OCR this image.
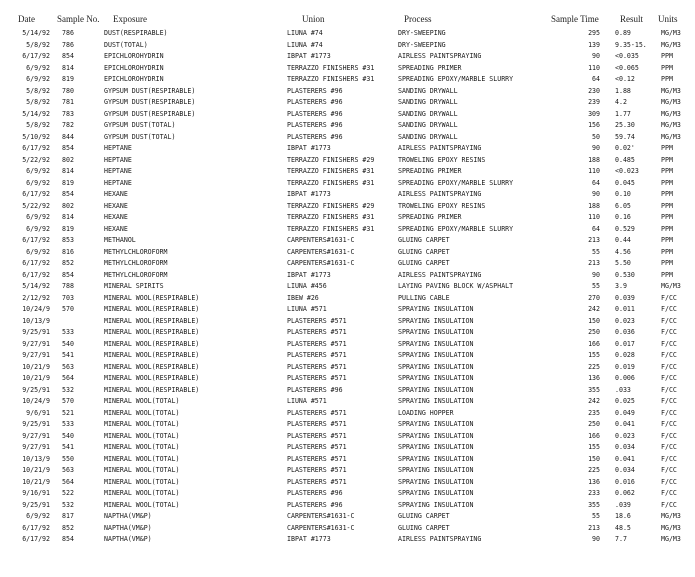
Date Sample No. Exposure	Union	Process	Sample Time Result Units
5/14/92 786	DUST(RESPIRABLE)	LIUNA #74	DRY-SWEEPING	295 0.89	MG/M3
5/8/92 786	DUST(TOTAL)	LIUNA #74	DRY-SWEEPING	139 9.35-15.	MG/M3
6/17/92 854	EPICHLOROHYDRIN	IBPAT #1773	AIRLESS PAINTSPRAYING	90 <0.035	PPM
6/9/92 814	EPICHLOROHYDRIN	TERRAZZO FINISHERS #31	SPREADING PRIMER	110 <0.065	PPM
6/9/92 819	EPICHLOROHYDRIN	TERRAZZO FINISHERS #31	SPREADING EPOXY/MARBLE SLURRY	64 <0.12	PPM
5/8/92 780	GYPSUM DUST(RESPIRABLE)	PLASTERERS #96	SANDING DRYWALL	230 1.88	MG/M3
5/8/92 781	GYPSUM DUST(RESPIRABLE)	PLASTERERS #96	SANDING DRYWALL	239 4.2	MG/M3
5/14/92 783	GYPSUM DUST(RESPIRABLE)	PLASTERERS #96	SANDING DRYWALL	309 1.77	MG/M3
5/8/92 782	GYPSUM DUST(TOTAL)	PLASTERERS #96	SANDING DRYWALL	156 25.30	MG/M3
5/10/92 844	GYPSUM DUST(TOTAL)	PLASTERERS #96	SANDING DRYWALL	50 59.74	MG/M3
6/17/92 854	HEPTANE	IBPAT #1773	AIRLESS PAINTSPRAYING	90 0.02'	PPM
5/22/92 802	HEPTANE	TERRAZZO FINISHERS #29	TROWELING EPOXY RESINS	188 0.485	PPM
6/9/92 814	HEPTANE	TERRAZZO FINISHERS #31	SPREADING PRIMER	110 <0.023	PPM
6/9/92 819	HEPTANE	TERRAZZO FINISHERS #31	SPREADING EPOXY/MARBLE SLURRY	64 0.045	PPM
6/17/92 854	HEXANE	IBPAT #1773	AIRLESS PAINTSPRAYING	90 0.10	PPM
5/22/92 802	HEXANE	TERRAZZO FINISHERS #29	TROWELING EPOXY RESINS	188 6.05	PPM
6/9/92 814	HEXANE	TERRAZZO FINISHERS #31	SPREADING PRIMER	110 0.16	PPM
6/9/92 819	HEXANE	TERRAZZO FINISHERS #31	SPREADING EPOXY/MARBLE SLURRY	64 0.529	PPM
6/17/92 853	METHANOL	CARPENTERS#1631-C	GLUING CARPET	213 0.44	PPM
6/9/92 816	METHYLCHLOROFORM	CARPENTERS#1631-C	GLUING CARPET	55 4.56	PPM
6/17/92 852	METHYLCHLOROFORM	CARPENTERS#1631-C	GLUING CARPET	213 5.50	PPM
6/17/92 854	METHYLCHLOROFORM	IBPAT #1773	AIRLESS PAINTSPRAYING	90 0.530	PPM
5/14/92 788	MINERAL SPIRITS	LIUNA #456	LAYING PAVING BLOCK W/ASPHALT	55 3.9	MG/M3
2/12/92 703	MINERAL WOOL(RESPIRABLE)	IBEW #26	PULLING CABLE	270 0.039	F/CC
10/24/9 570	MINERAL WOOL(RESPIRABLE)	LIUNA #571	SPRAYING INSULATION	242 0.011	F/CC
10/13/9	MINERAL WOOL(RESPIRABLE)	PLASTERERS #571	SPRAYING INSULATION	150 0.023	F/CC
9/25/91 533	MINERAL WOOL(RESPIRABLE)	PLASTERERS #571	SPRAYING INSULATION	250 0.036	F/CC
9/27/91 540	MINERAL WOOL(RESPIRABLE)	PLASTERERS #571	SPRAYING INSULATION	166 0.017	F/CC
9/27/91 541	MINERAL WOOL(RESPIRABLE)	PLASTERERS #571	SPRAYING INSULATION	155 0.028	F/CC
10/21/9 563	MINERAL WOOL(RESPIRABLE)	PLASTERERS #571	SPRAYING INSULATION	225 0.019	F/CC
10/21/9 564	MINERAL WOOL(RESPIRABLE)	PLASTERERS #571	SPRAYING INSULATION	136 0.006	F/CC
9/25/91 532	MINERAL WOOL(RESPIRABLE)	PLASTERERS #96	SPRAYING INSULATION	355 .033	F/CC
10/24/9 570	MINERAL WOOL(TOTAL)	LIUNA #571	SPRAYING INSULATION	242 0.025	F/CC
9/6/91 521	MINERAL WOOL(TOTAL)	PLASTERERS #571	LOADING HOPPER	235 0.049	F/CC
9/25/91 533	MINERAL WOOL(TOTAL)	PLASTERERS #571	SPRAYING INSULATION	250 0.041	F/CC
9/27/91 540	MINERAL WOOL(TOTAL)	PLASTERERS #571	SPRAYING INSULATION	166 0.023	F/CC
9/27/91 541	MINERAL WOOL(TOTAL)	PLASTERERS #571	SPRAYING INSULATION	155 0.034	F/CC
10/13/9 550	MINERAL WOOL(TOTAL)	PLASTERERS #571	SPRAYING INSULATION	150 0.041	F/CC
10/21/9 563	MINERAL WOOL(TOTAL)	PLASTERERS #571	SPRAYING INSULATION	225 0.034	F/CC
10/21/9 564	MINERAL WOOL(TOTAL)	PLASTERERS #571	SPRAYING INSULATION	136 0.016	F/CC
9/16/91 522	MINERAL WOOL(TOTAL)	PLASTERERS #96	SPRAYING INSULATION	233 0.062	F/CC
9/25/91 532	MINERAL WOOL(TOTAL)	PLASTERERS #96	SPRAYING INSULATION	355 .039	F/CC
6/9/92 817	NAPTHA(VM&P)	CARPENTERS#1631-C	GLUING CARPET	55 18.6	MG/M3
6/17/92 852	NAPTHA(VM&P)	CARPENTERS#1631-C	GLUING CARPET	213 48.5	MG/M3
6/17/92 854	NAPTHA(VM&P)	IBPAT #1773	AIRLESS PAINTSPRAYING	90 7.7	MG/M3
